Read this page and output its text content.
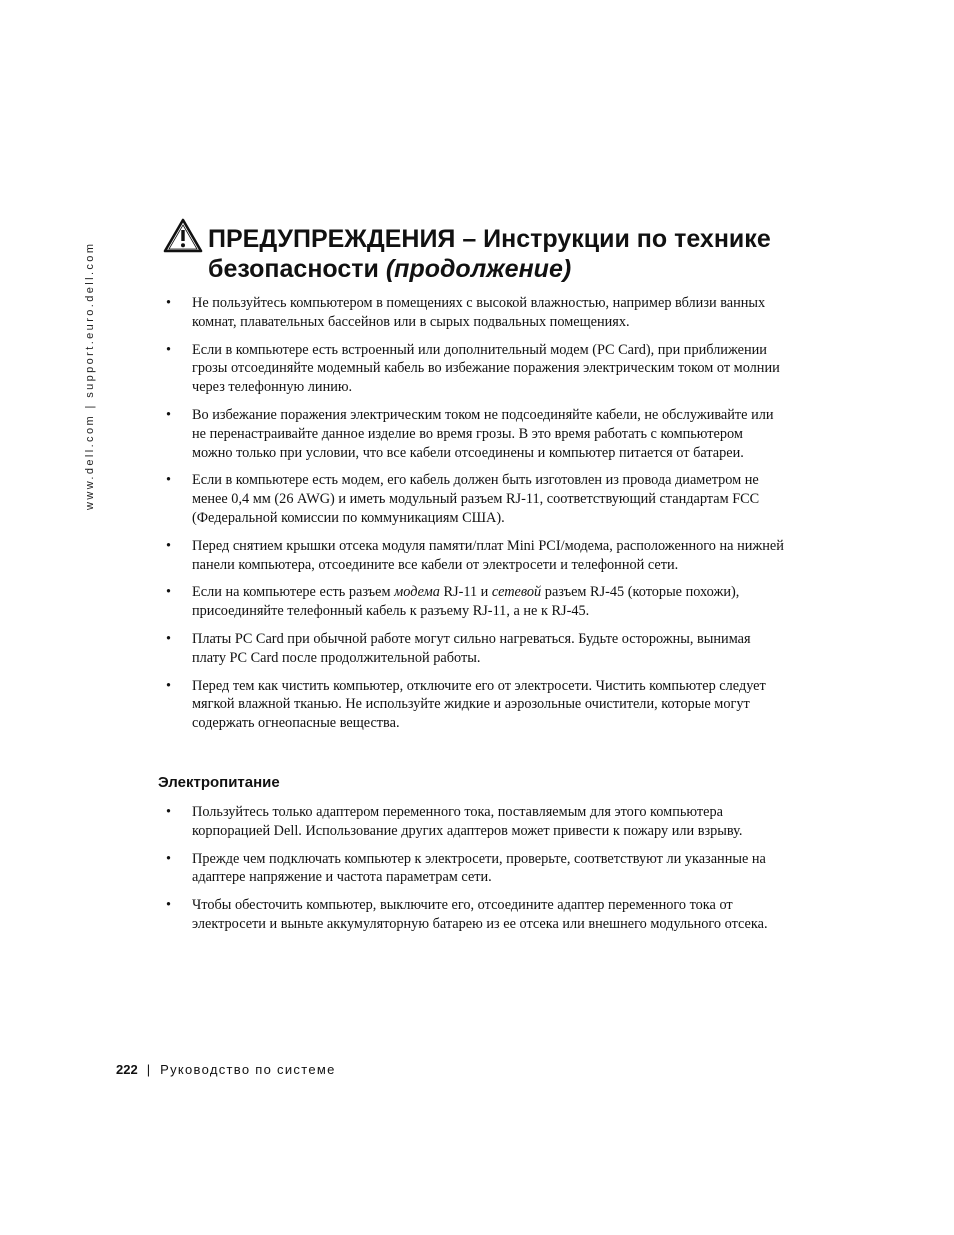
www.dell.com | support.euro.dell.com
ПРЕДУПРЕЖДЕНИЯ – Инструкции по технике безопасности (продолжение)
• Не пользуйтесь компьютером в помещениях с высокой влажностью, например вблизи ванных комнат, плавательных бассейнов или в сырых подвальных помещениях.
• Если в компьютере есть встроенный или дополнительный модем (PC Card), при приближении грозы отсоединяйте модемный кабель во избежание поражения электрическим током от молнии через телефонную линию.
• Во избежание поражения электрическим током не подсоединяйте кабели, не обслуживайте или не перенастраивайте данное изделие во время грозы. В это время работать с компьютером можно только при условии, что все кабели отсоединены и компьютер питается от батареи.
• Если в компьютере есть модем, его кабель должен быть изготовлен из провода диаметром не менее 0,4 мм (26 AWG) и иметь модульный разъем RJ-11, соответствующий стандартам FCC (Федеральной комиссии по коммуникациям США).
• Перед снятием крышки отсека модуля памяти/плат Mini PCI/модема, расположенного на нижней панели компьютера, отсоедините все кабели от электросети и телефонной сети.
• Если на компьютере есть разъем модема RJ-11 и сетевой разъем RJ-45 (которые похожи), присоединяйте телефонный кабель к разъему RJ-11, а не к RJ-45.
• Платы PC Card при обычной работе могут сильно нагреваться. Будьте осторожны, вынимая плату PC Card после продолжительной работы.
• Перед тем как чистить компьютер, отключите его от электросети. Чистить компьютер следует мягкой влажной тканью. Не используйте жидкие и аэрозольные очистители, которые могут содержать огнеопасные вещества.
Электропитание
• Пользуйтесь только адаптером переменного тока, поставляемым для этого компьютера корпорацией Dell. Использование других адаптеров может привести к пожару или взрыву.
• Прежде чем подключать компьютер к электросети, проверьте, соответствуют ли указанные на адаптере напряжение и частота параметрам сети.
• Чтобы обесточить компьютер, выключите его, отсоедините адаптер переменного тока от электросети и выньте аккумуляторную батарею из ее отсека или внешнего модульного отсека.
222 | Руководство по системе
